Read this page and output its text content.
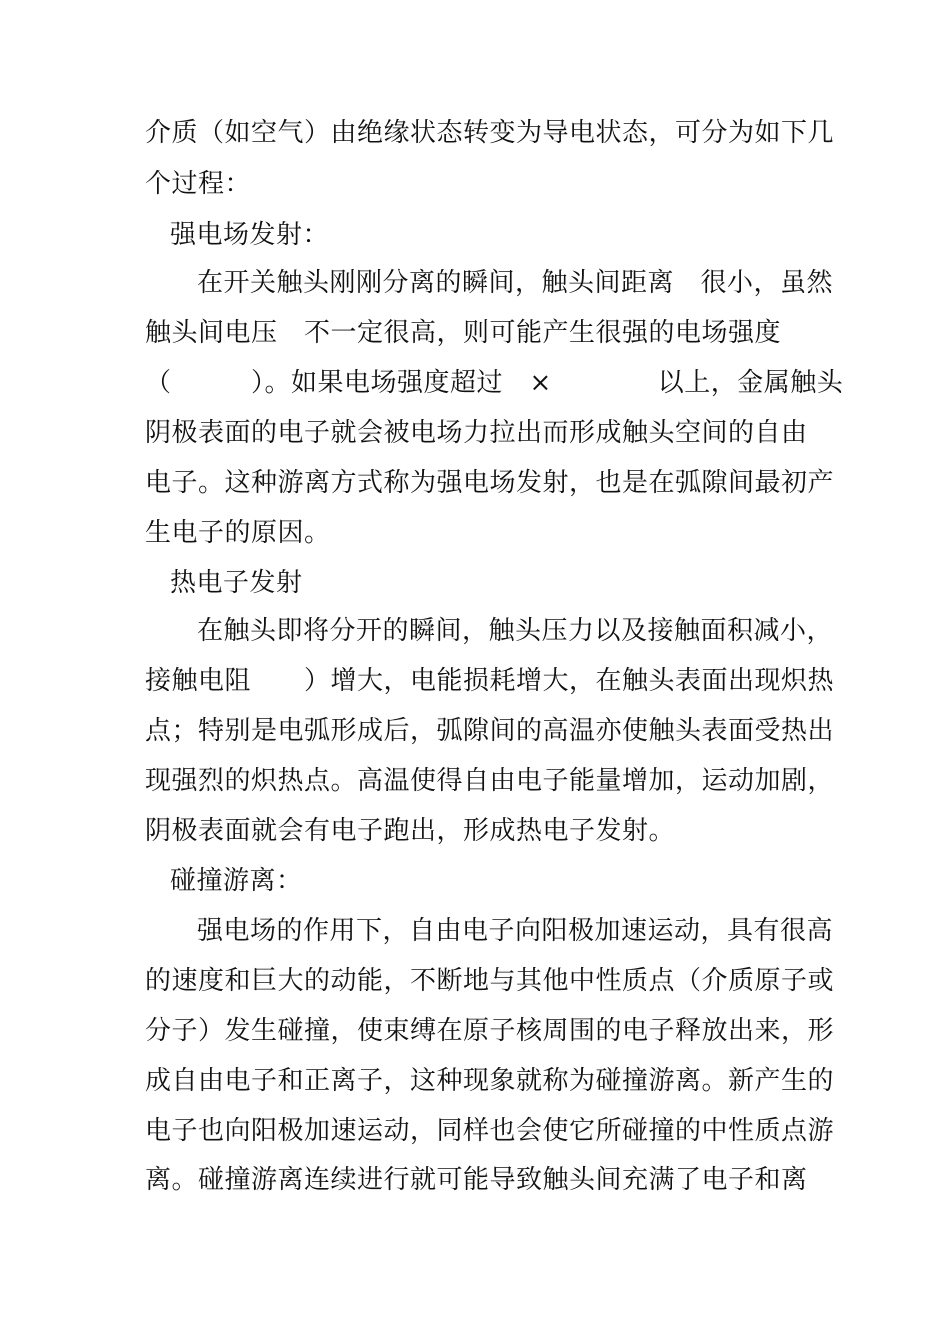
介质（如空气）由绝缘状态转变为导电状态，可分为如下几
个过程：
强电场发射：
在开关触头刚刚分离的瞬间，触头间距离　很小，虽然
触头间电压　不一定很高，则可能产生很强的电场强度
（　　　）。如果电场强度超过　×　　　　以上，金属触头
阴极表面的电子就会被电场力拉出而形成触头空间的自由
电子。这种游离方式称为强电场发射，也是在弧隙间最初产
生电子的原因。
热电子发射
在触头即将分开的瞬间，触头压力以及接触面积减小，
接触电阻　　）增大，电能损耗增大，在触头表面出现炽热
点；特别是电弧形成后，弧隙间的高温亦使触头表面受热出
现强烈的炽热点。高温使得自由电子能量增加，运动加剧，
阴极表面就会有电子跑出，形成热电子发射。
碰撞游离：
强电场的作用下，自由电子向阳极加速运动，具有很高
的速度和巨大的动能，不断地与其他中性质点（介质原子或
分子）发生碰撞，使束缚在原子核周围的电子释放出来，形
成自由电子和正离子，这种现象就称为碰撞游离。新产生的
电子也向阳极加速运动，同样也会使它所碰撞的中性质点游
离。碰撞游离连续进行就可能导致触头间充满了电子和离
